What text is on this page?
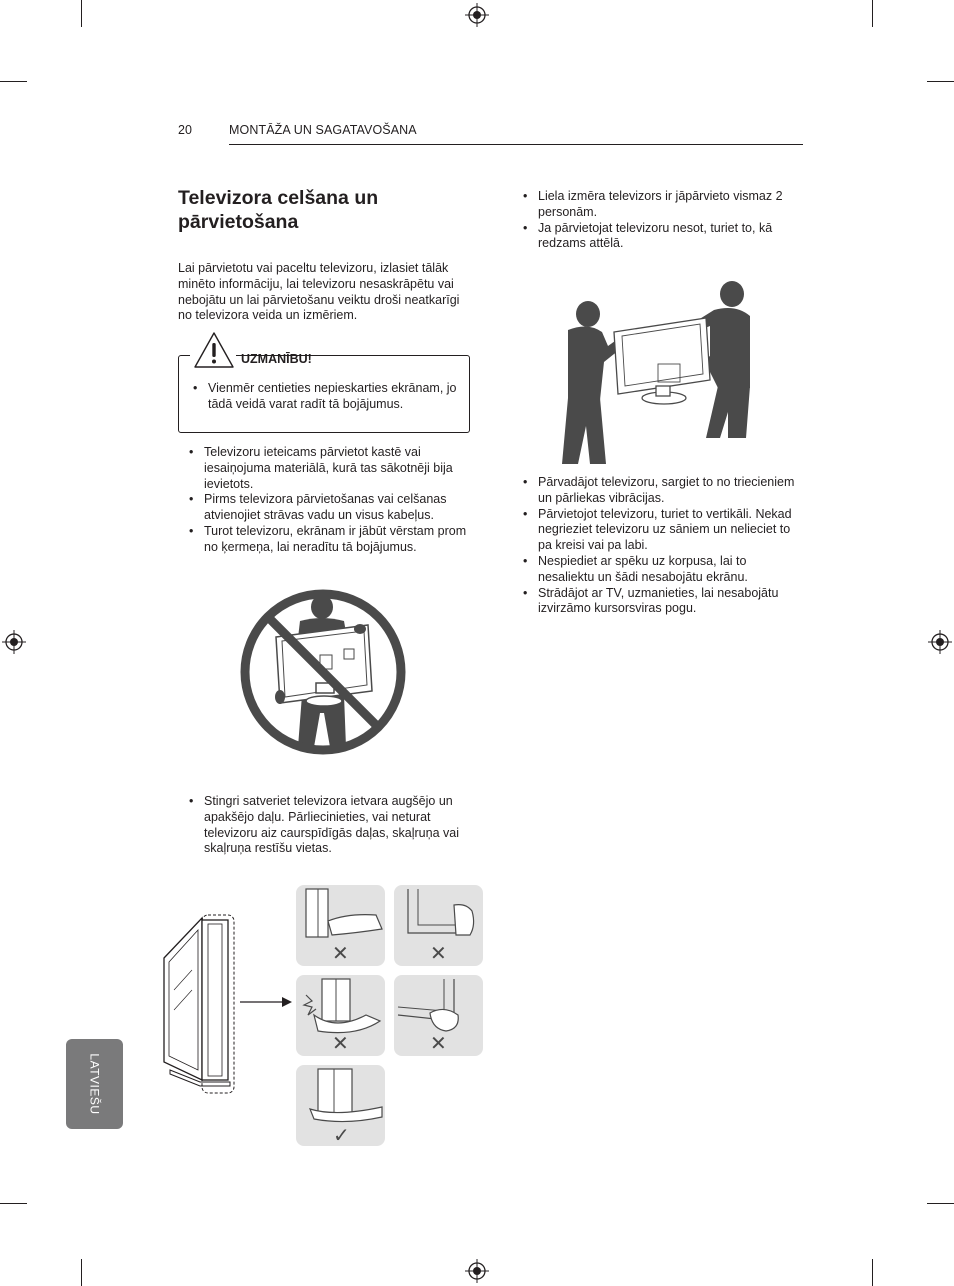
20	MONTĀŽA UN SAGATAVOŠANA
Televizora celšana un pārvietošana
Lai pārvietotu vai paceltu televizoru, izlasiet tālāk minēto informāciju, lai televizoru nesaskrāpētu vai nebojātu un lai pārvietošanu veiktu droši neatkarīgi no televizora veida un izmēriem.
UZMANĪBU!
• Vienmēr centieties nepieskarties ekrānam, jo tādā veidā varat radīt tā bojājumus.
• Televizoru ieteicams pārvietot kastē vai iesaiņojuma materiālā, kurā tas sākotnēji bija ievietots.
• Pirms televizora pārvietošanas vai celšanas atvienojiet strāvas vadu un visus kabeļus.
• Turot televizoru, ekrānam ir jābūt vērstam prom no ķermeņa, lai neradītu tā bojājumus.
• Stingri satveriet televizora ietvara augšējo un apakšējo daļu. Pārliecinieties, vai neturat televizoru aiz caurspīdīgās daļas, skaļruņa vai skaļruņa restīšu vietas.
✕	✕
✕	✕
✓
• Liela izmēra televizors ir jāpārvieto vismaz 2 personām.
• Ja pārvietojat televizoru nesot, turiet to, kā redzams attēlā.
• Pārvadājot televizoru, sargiet to no triecieniem un pārliekas vibrācijas.
• Pārvietojot televizoru, turiet to vertikāli. Nekad negrieziet televizoru uz sāniem un nelieciet to pa kreisi vai pa labi.
• Nespiediet ar spēku uz korpusa, lai to nesaliektu un šādi nesabojātu ekrānu.
• Strādājot ar TV, uzmanieties, lai nesabojātu izvirzāmo kursorsviras pogu.
LATVIEŠU
